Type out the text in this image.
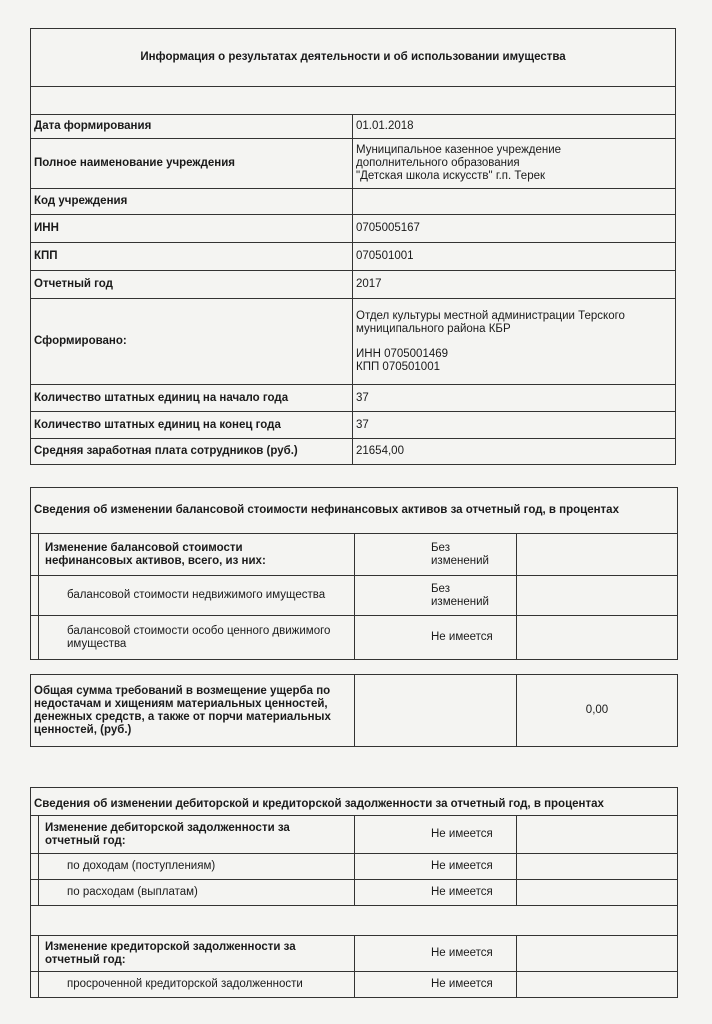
Информация о результатах деятельности и об использовании имущества	

Дата формирования	01.01.2018
Полное наименование учреждения	Муниципальное казенное учреждение
дополнительного образования
"Детская школа искусств" г.п. Терек
Код учреждения	
ИНН	0705005167
КПП	070501001
Отчетный год	2017
Сформировано:	Отдел культуры местной администрации Терского
муниципального района КБР
ИНН 0705001469
КПП 070501001

Количество штатных единиц на начало года	37
Количество штатных единиц на конец года	37
Средняя заработная плата сотрудников (руб.)	21654,00
Сведения об изменении балансовой стоимости нефинансовых активов за отчетный год, в процентах			
	Изменение балансовой стоимости
нефинансовых активов, всего, из них:	Без
изменений	
	балансовой стоимости недвижимого имущества	Без
изменений	
	балансовой стоимости особо ценного движимого
имущества	Не имеется	
Общая сумма требований в возмещение ущерба по недостачам и хищениям материальных ценностей, денежных средств, а также от порчи материальных ценностей, (руб.)		0,00
Сведения об изменении дебиторской и кредиторской задолженности за отчетный год, в процентах			
	Изменение дебиторской задолженности за
отчетный год:	Не имеется	
	по доходам (поступлениям)	Не имеется	
	по расходам (выплатам)	Не имеется	

	Изменение кредиторской задолженности за
отчетный год:	Не имеется	
	просроченной кредиторской задолженности	Не имеется	
